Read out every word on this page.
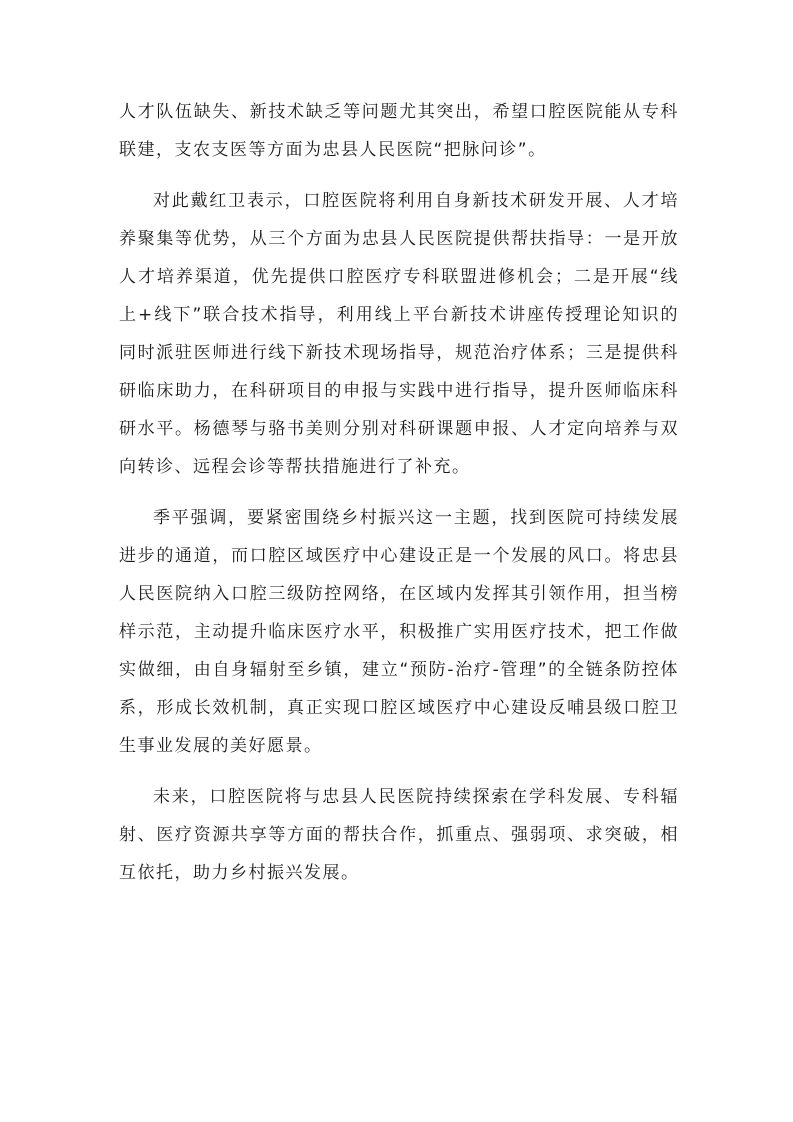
人才队伍缺失、新技术缺乏等问题尤其突出，希望口腔医院能从专科联建，支农支医等方面为忠县人民医院“把脉问诊”。

对此戴红卫表示，口腔医院将利用自身新技术研发开展、人才培养聚集等优势，从三个方面为忠县人民医院提供帮扶指导：一是开放人才培养渠道，优先提供口腔医疗专科联盟进修机会；二是开展“线上+线下”联合技术指导，利用线上平台新技术讲座传授理论知识的同时派驻医师进行线下新技术现场指导，规范治疗体系；三是提供科研临床助力，在科研项目的申报与实践中进行指导，提升医师临床科研水平。杨德琴与骆书美则分别对科研课题申报、人才定向培养与双向转诊、远程会诊等帮扶措施进行了补充。

季平强调，要紧密围绕乡村振兴这一主题，找到医院可持续发展进步的通道，而口腔区域医疗中心建设正是一个发展的风口。将忠县人民医院纳入口腔三级防控网络，在区域内发挥其引领作用，担当榜样示范，主动提升临床医疗水平，积极推广实用医疗技术，把工作做实做细，由自身辐射至乡镇，建立“预防-治疗-管理”的全链条防控体系，形成长效机制，真正实现口腔区域医疗中心建设反哺县级口腔卫生事业发展的美好愿景。

未来，口腔医院将与忠县人民医院持续探索在学科发展、专科辐射、医疗资源共享等方面的帮扶合作，抓重点、强弱项、求突破，相互依托，助力乡村振兴发展。
